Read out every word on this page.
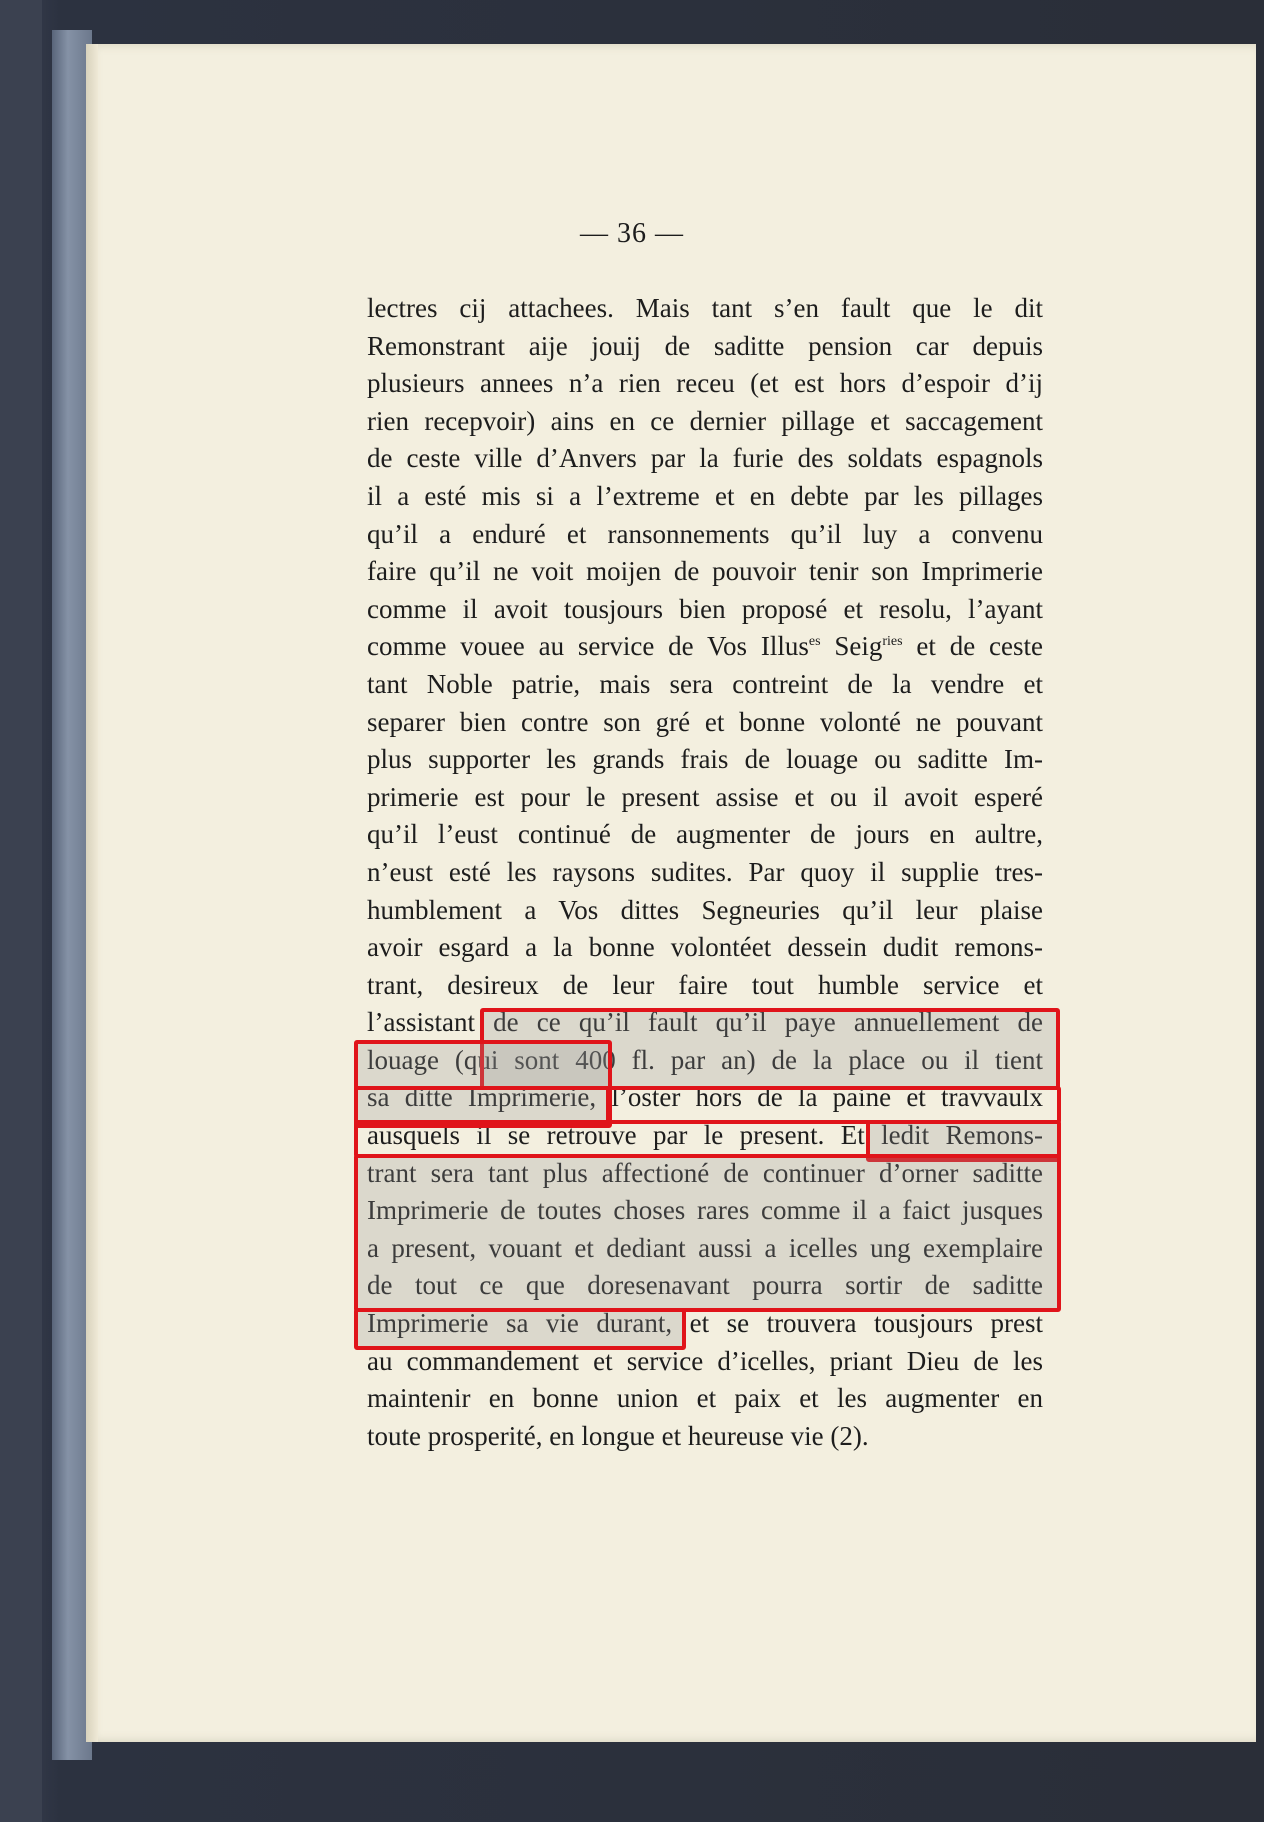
— 36 —
lectres cij attachees. Mais tant s’en fault que le dit
Remonstrant aije jouij de saditte pension car depuis
plusieurs annees n’a rien receu (et est hors d’espoir d’ij
rien recepvoir) ains en ce dernier pillage et saccagement
de ceste ville d’Anvers par la furie des soldats espagnols
il a esté mis si a l’extreme et en debte par les pillages
qu’il a enduré et ransonnements qu’il luy a convenu
faire qu’il ne voit moijen de pouvoir tenir son Imprimerie
comme il avoit tousjours bien proposé et resolu, l’ayant
comme vouee au service de Vos Illus$^{es}$ Seig$^{ries}$ et de ceste
tant Noble patrie, mais sera contreint de la vendre et
separer bien contre son gré et bonne volonté ne pouvant
plus supporter les grands frais de louage ou saditte Im-
primerie est pour le present assise et ou il avoit esperé
qu’il l’eust continué de augmenter de jours en aultre,
n’eust esté les raysons sudites. Par quoy il supplie tres-
humblement a Vos dittes Segneuries qu’il leur plaise
avoir esgard a la bonne volontéet dessein dudit remons-
trant, desireux de leur faire tout humble service et
l’assistant de ce qu’il fault qu’il paye annuellement de
louage (qui sont 400 fl. par an) de la place ou il tient
sa ditte Imprimerie, l’oster hors de la paine et travvaulx
ausquels il se retrouve par le present. Et ledit Remons-
trant sera tant plus affectioné de continuer d’orner saditte
Imprimerie de toutes choses rares comme il a faict jusques
a present, vouant et dediant aussi a icelles ung exemplaire
de tout ce que doresenavant pourra sortir de saditte
Imprimerie sa vie durant, et se trouvera tousjours prest
au commandement et service d’icelles, priant Dieu de les
maintenir en bonne union et paix et les augmenter en
toute prosperité, en longue et heureuse vie (2).
